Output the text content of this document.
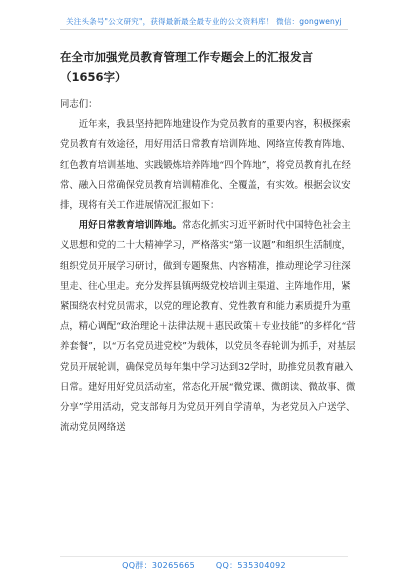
关注头条号"公文研究"，获得最新最全最专业的公文资料库！ 微信：gongwenyj
在全市加强党员教育管理工作专题会上的汇报发言（1656字）

同志们：

近年来，我县坚持把阵地建设作为党员教育的重要内容，积极探索党员教育有效途径，用好用活日常教育培训阵地、网络宣传教育阵地、红色教育培训基地、实践锻炼培养阵地“四个阵地”，将党员教育扎在经常、融入日常确保党员教育培训精准化、全覆盖，有实效。根据会议安排，现将有关工作进展情况汇报如下：

用好日常教育培训阵地。常态化抓实习近平新时代中国特色社会主义思想和党的二十大精神学习，严格落实“第一议题”和组织生活制度，组织党员开展学习研讨，做到专题聚焦、内容精准，推动理论学习往深里走、往心里走。充分发挥县镇两级党校培训主渠道、主阵地作用，紧紧围绕农村党员需求，以党的理论教育、党性教育和能力素质提升为重点，精心调配“政治理论＋法律法规＋惠民政策＋专业技能”的多样化“营养套餐”，以“万名党员进党校”为载体，以党员冬春轮训为抓手，对基层党员开展轮训，确保党员每年集中学习达到32学时，助推党员教育融入日常。建好用好党员活动室，常态化开展“微党课、微朗读、微故事、微分享”学用活动，党支部每月为党员开列自学清单，为老党员入户送学、流动党员网络送

QQ群：30265665	QQ：535304092
